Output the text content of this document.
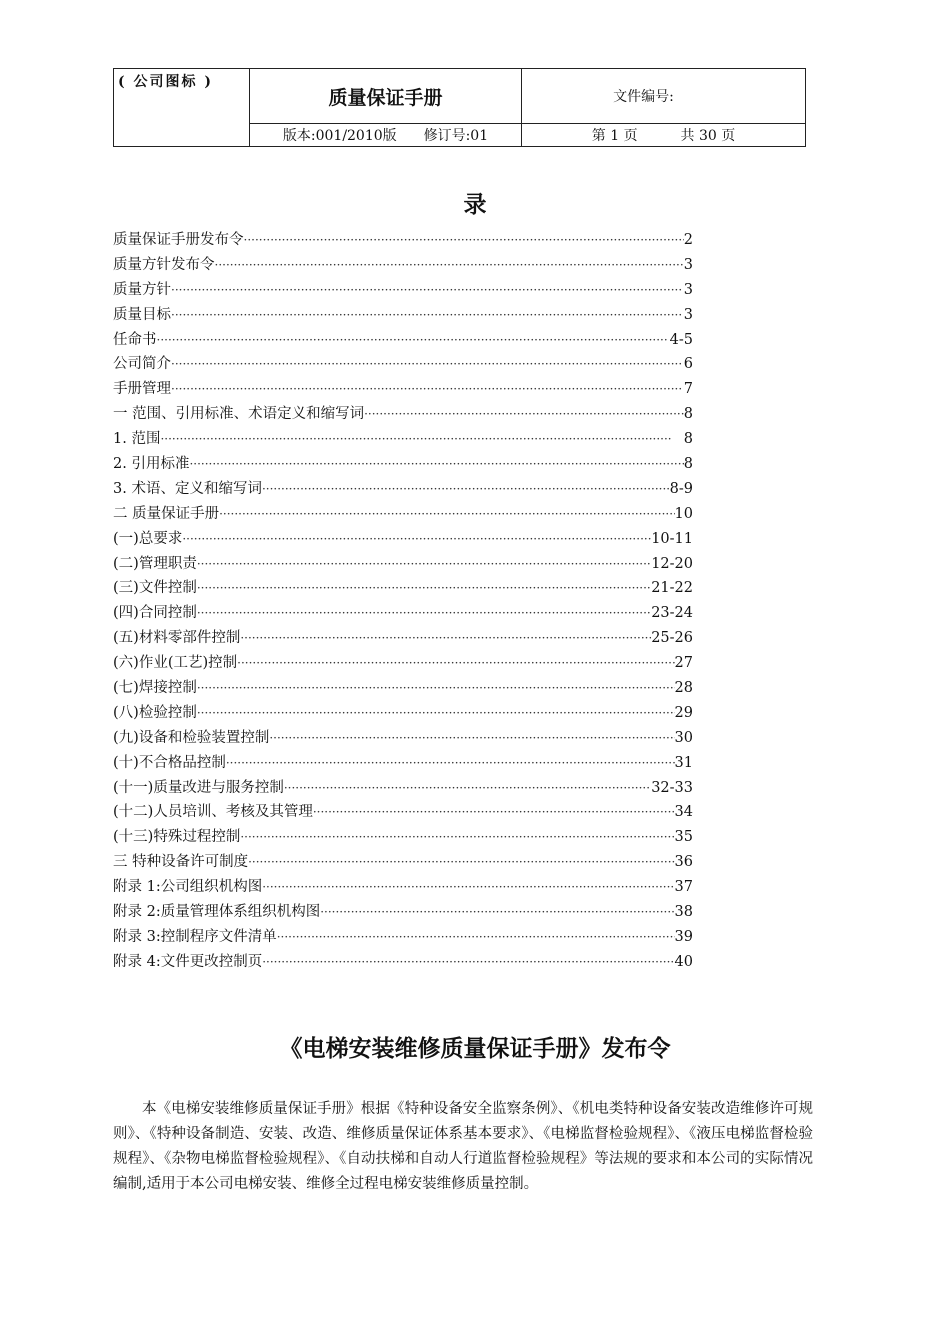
( 公司图标 )	质量保证手册	文件编号:
	版本:001/2010版 修订号:01	第 1 页 共 30 页
录
质量保证手册发布令 ·····	2
质量方针发布令 ·····	3
质量方针 ·····	3
质量目标 ·····	3
任命书 ·····	4-5
公司简介 ·····	6
手册管理 ·····	7
一 范围、引用标准、术语定义和缩写词 ·····	8
1. 范围 ·····	8
2. 引用标准 ·····	8
3. 术语、定义和缩写词 ·····	8-9
二 质量保证手册 ·····	10
(一)总要求 ·····	10-11
(二)管理职责 ·····	12-20
(三)文件控制 ·····	21-22
(四)合同控制 ·····	23-24
(五)材料零部件控制 ·····	25-26
(六)作业(工艺)控制 ·····	27
(七)焊接控制 ·····	28
(八)检验控制 ·····	29
(九)设备和检验装置控制 ·····	30
(十)不合格品控制 ·····	31
(十一)质量改进与服务控制 ·····	32-33
(十二)人员培训、考核及其管理 ·····	34
(十三)特殊过程控制 ·····	35
三 特种设备许可制度 ·····	36
附录 1:公司组织机构图 ·····	37
附录 2:质量管理体系组织机构图 ·····	38
附录 3:控制程序文件清单 ·····	39
附录 4:文件更改控制页 ·····	40
《电梯安装维修质量保证手册》发布令

本《电梯安装维修质量保证手册》根据《特种设备安全监察条例》、《机电类特种设备安装改造维修许可规则》、《特种设备制造、安装、改造、维修质量保证体系基本要求》、《电梯监督检验规程》、《液压电梯监督检验规程》、《杂物电梯监督检验规程》、《自动扶梯和自动人行道监督检验规程》等法规的要求和本公司的实际情况编制,适用于本公司电梯安装、维修全过程电梯安装维修质量控制。
